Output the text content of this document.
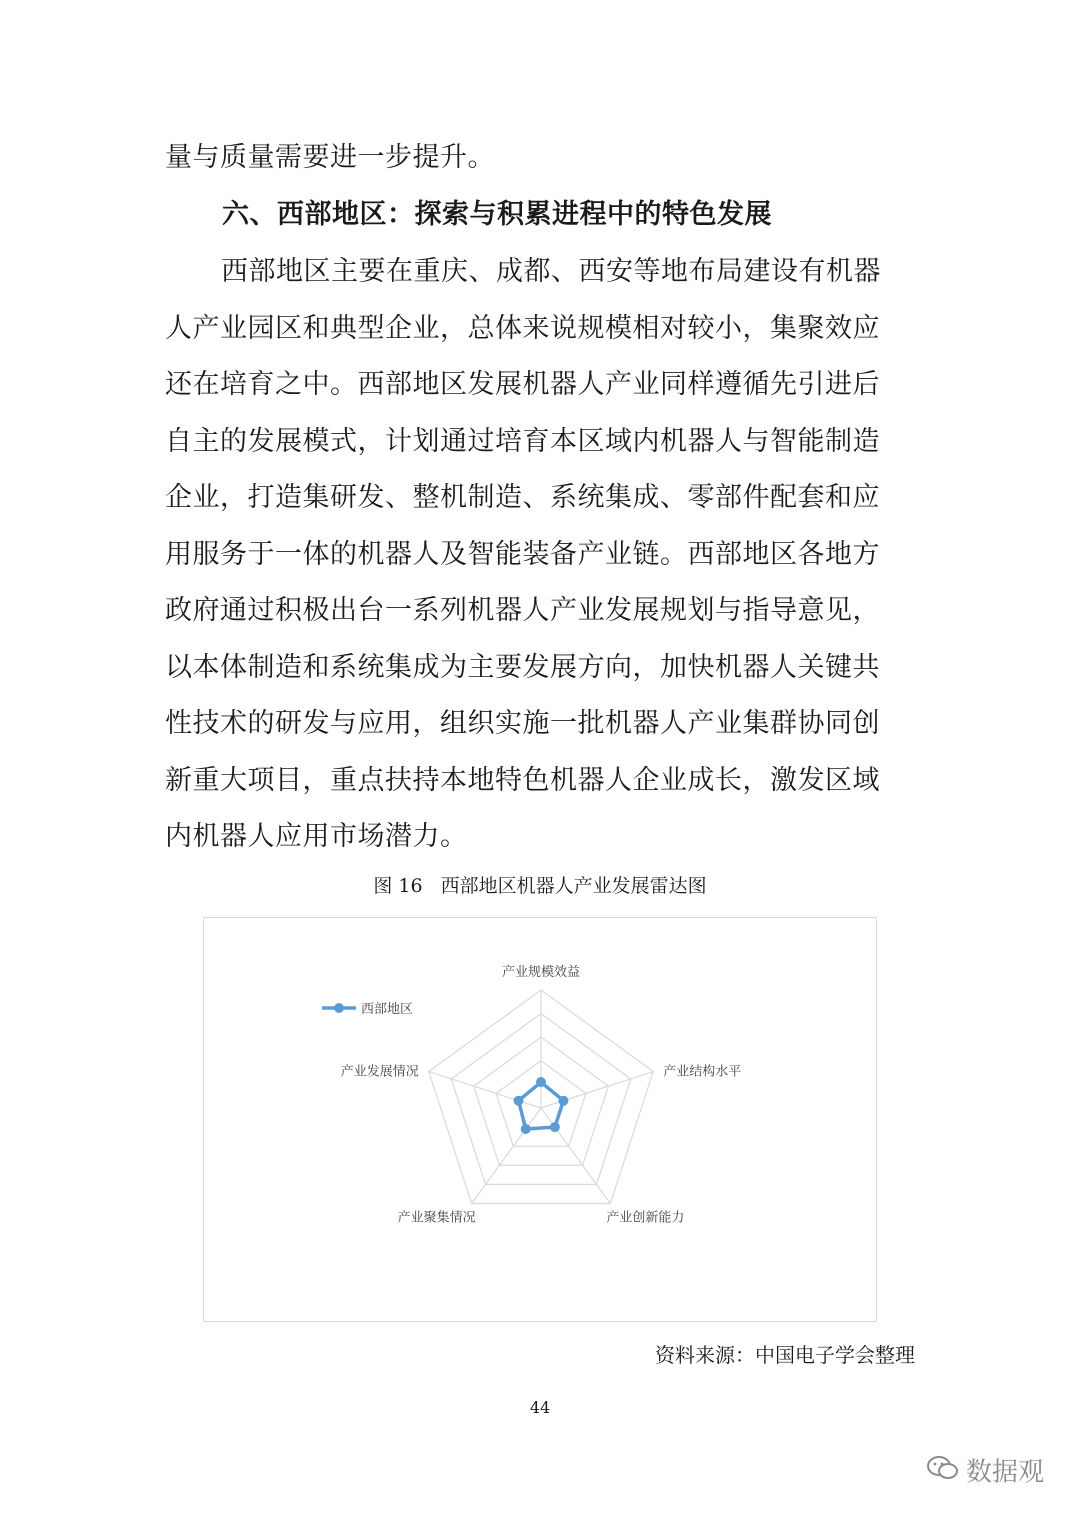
量与质量需要进一步提升。
六、西部地区：探索与积累进程中的特色发展
西部地区主要在重庆、成都、西安等地布局建设有机器
人产业园区和典型企业，总体来说规模相对较小，集聚效应
还在培育之中。西部地区发展机器人产业同样遵循先引进后
自主的发展模式，计划通过培育本区域内机器人与智能制造
企业，打造集研发、整机制造、系统集成、零部件配套和应
用服务于一体的机器人及智能装备产业链。西部地区各地方
政府通过积极出台一系列机器人产业发展规划与指导意见，
以本体制造和系统集成为主要发展方向，加快机器人关键共
性技术的研发与应用，组织实施一批机器人产业集群协同创
新重大项目，重点扶持本地特色机器人企业成长，激发区域
内机器人应用市场潜力。
图 16   西部地区机器人产业发展雷达图
产业规模效益
产业结构水平
产业创新能力
产业聚集情况
产业发展情况
西部地区
资料来源：中国电子学会整理
44
数据观
